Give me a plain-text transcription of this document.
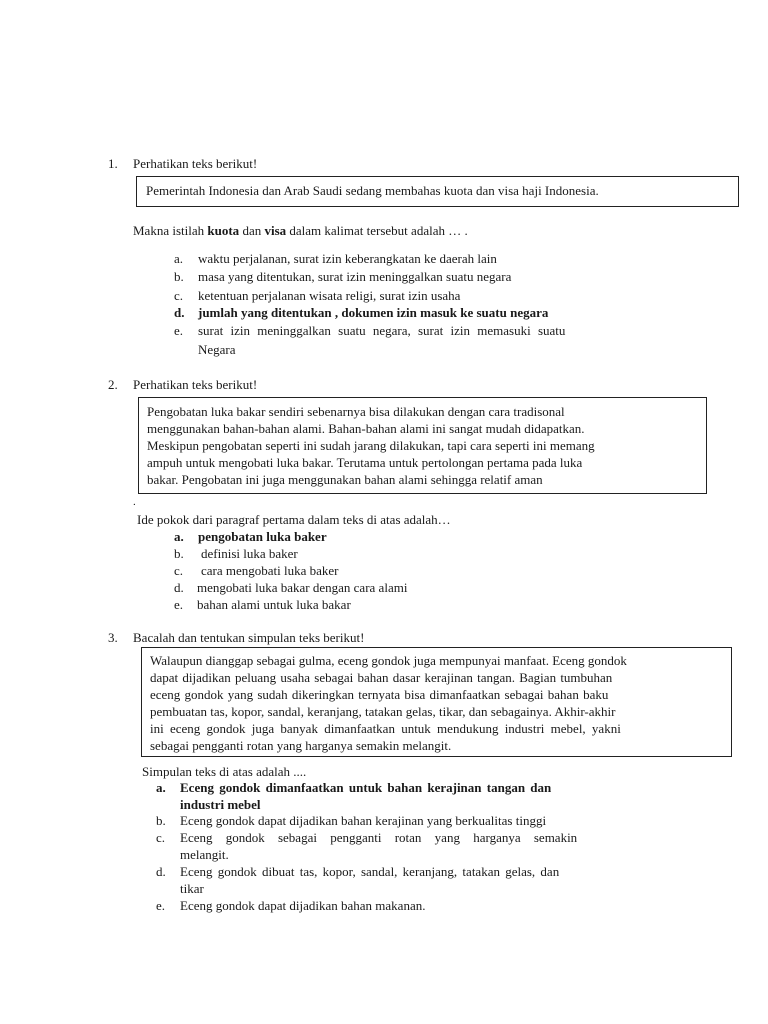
1.	Perhatikan teks berikut!
Pemerintah Indonesia dan Arab Saudi sedang membahas kuota dan visa haji Indonesia.
Makna istilah kuota dan visa dalam kalimat tersebut adalah … .
a. waktu perjalanan, surat izin keberangkatan ke daerah lain
b. masa yang ditentukan, surat izin meninggalkan suatu negara
c. ketentuan perjalanan wisata religi, surat izin usaha
d. jumlah yang ditentukan , dokumen izin masuk ke suatu negara
e. surat izin meninggalkan suatu negara, surat izin memasuki suatu
Negara
2.	Perhatikan teks berikut!
Pengobatan luka bakar sendiri sebenarnya bisa dilakukan dengan cara tradisonal
menggunakan bahan-bahan alami. Bahan-bahan alami ini sangat mudah didapatkan.
Meskipun pengobatan seperti ini sudah jarang dilakukan, tapi cara seperti ini memang
ampuh untuk mengobati luka bakar. Terutama untuk pertolongan pertama pada luka
bakar. Pengobatan ini juga menggunakan bahan alami sehingga relatif aman
.
Ide pokok dari paragraf pertama dalam teks di atas adalah…
a. pengobatan luka baker
b. definisi luka baker
c. cara mengobati luka baker
d. mengobati luka bakar dengan cara alami
e. bahan alami untuk luka bakar
3.	Bacalah dan tentukan simpulan teks berikut!
Walaupun dianggap sebagai gulma, eceng gondok juga mempunyai manfaat. Eceng gondok
dapat dijadikan peluang usaha sebagai bahan dasar kerajinan tangan. Bagian tumbuhan
eceng gondok yang sudah dikeringkan ternyata bisa dimanfaatkan sebagai bahan baku
pembuatan tas, kopor, sandal, keranjang, tatakan gelas, tikar, dan sebagainya. Akhir-akhir
ini eceng gondok juga banyak dimanfaatkan untuk mendukung industri mebel, yakni
sebagai pengganti rotan yang harganya semakin melangit.
Simpulan teks di atas adalah ....
a. Eceng gondok dimanfaatkan untuk bahan kerajinan tangan dan
industri mebel
b. Eceng gondok dapat dijadikan bahan kerajinan yang berkualitas tinggi
c. Eceng gondok sebagai pengganti rotan yang harganya semakin
melangit.
d. Eceng gondok dibuat tas, kopor, sandal, keranjang, tatakan gelas, dan
tikar
e. Eceng gondok dapat dijadikan bahan makanan.
